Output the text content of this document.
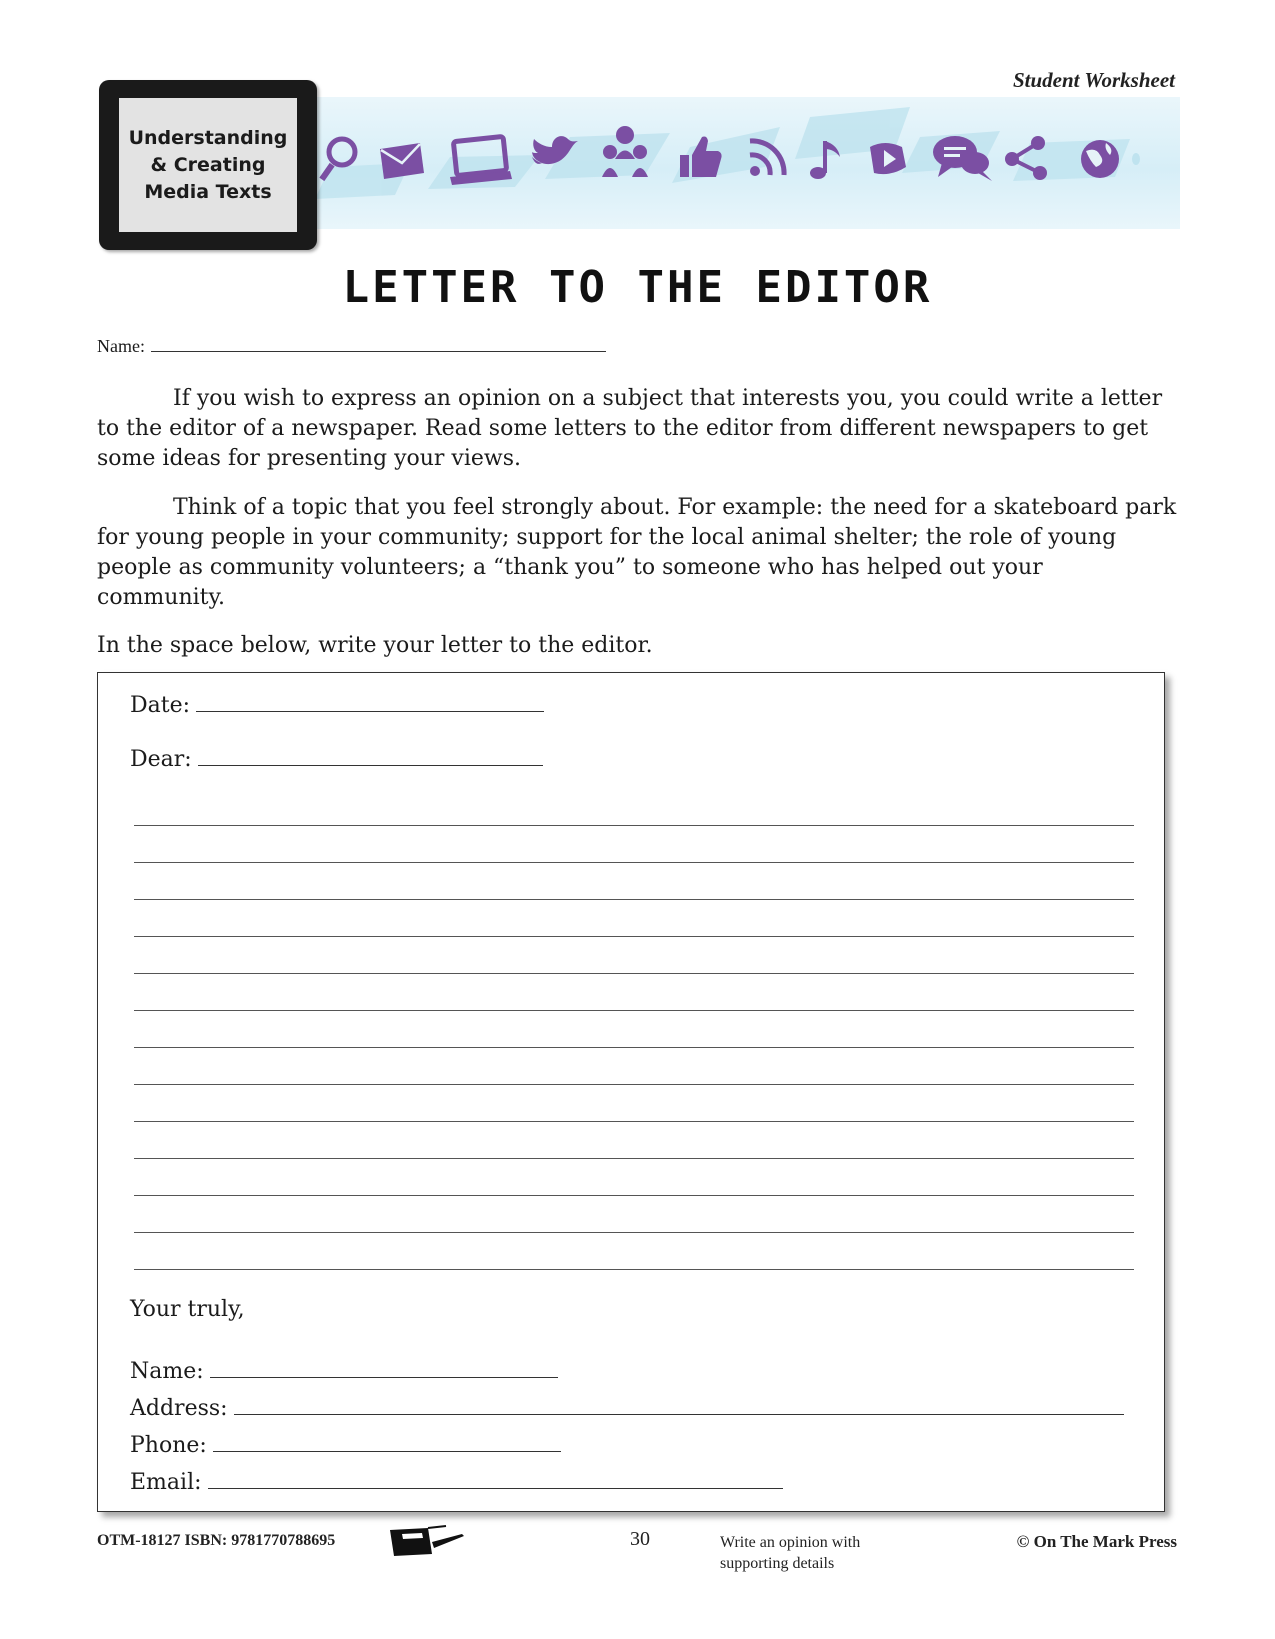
Student Worksheet
Understanding
& Creating
Media Texts
LETTER TO THE EDITOR
Name:

If you wish to express an opinion on a subject that interests you, you could write a letter to the editor of a newspaper. Read some letters to the editor from different newspapers to get some ideas for presenting your views.

Think of a topic that you feel strongly about. For example: the need for a skateboard park for young people in your community; support for the local animal shelter; the role of young people as community volunteers; a “thank you” to someone who has helped out your community.

In the space below, write your letter to the editor.

Date:
Dear:
Your truly,
Name:
Address:
Phone:
Email:
OTM-18127 ISBN: 9781770788695	30	Write an opinion with
supporting details
© On The Mark Press
